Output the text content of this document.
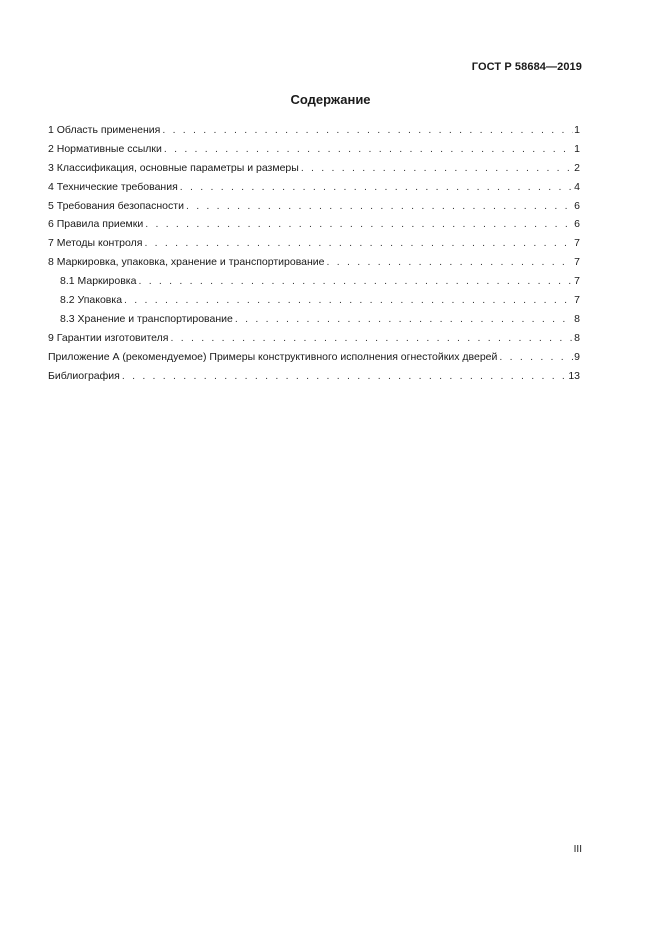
ГОСТ Р 58684—2019
Содержание
1 Область применения . . .	1
2 Нормативные ссылки . . .	1
3 Классификация, основные параметры и размеры . . .	2
4 Технические требования . . .	4
5 Требования безопасности . . .	6
6 Правила приемки . . .	6
7 Методы контроля . . .	7
8 Маркировка, упаковка, хранение и транспортирование . . .	7
8.1 Маркировка . . .	7
8.2 Упаковка . . .	7
8.3 Хранение и транспортирование . . .	8
9 Гарантии изготовителя . . .	8
Приложение А (рекомендуемое) Примеры конструктивного исполнения огнестойких дверей . . .	9
Библиография . . .	13
III
